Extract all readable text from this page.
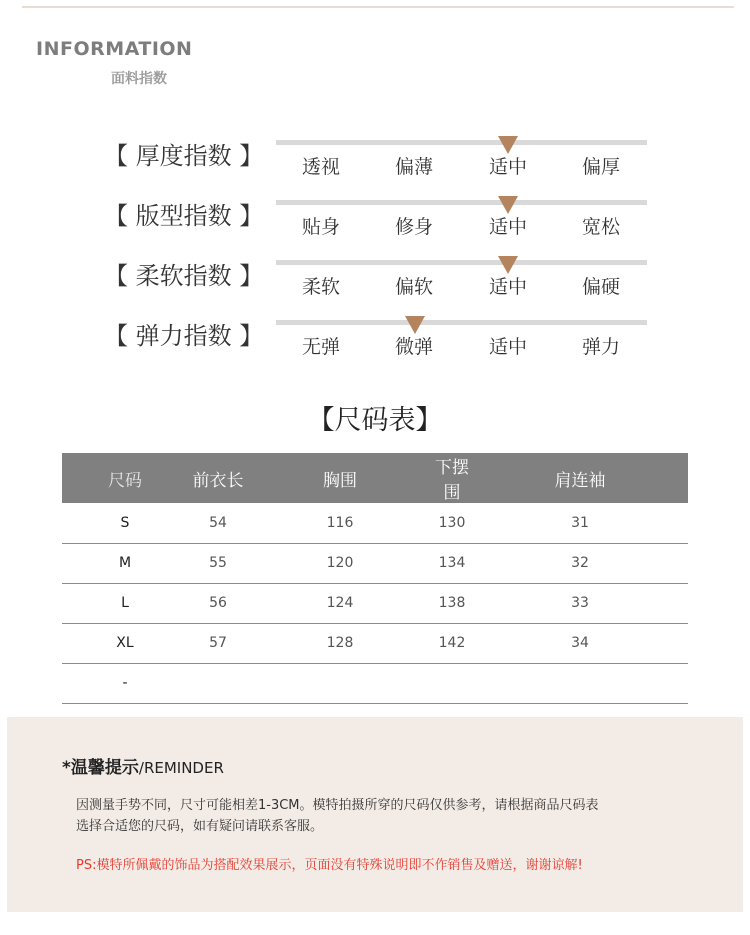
INFORMATION
面料指数
【 厚度指数 】 透视	偏薄	适中	偏厚
【 版型指数 】 贴身	修身	适中	宽松
【 柔软指数 】 柔软	偏软	适中	偏硬
【 弹力指数 】 无弹	微弹	适中	弹力
【尺码表】
尺码	前衣长	胸围	下摆围	肩连袖
S	54	116	130	31
M	55	120	134	32
L	56	124	138	33
XL	57	128	142	34
-				
*温馨提示/REMINDER
因测量手势不同，尺寸可能相差1-3CM。模特拍摄所穿的尺码仅供参考，请根据商品尺码表
选择合适您的尺码，如有疑问请联系客服。
PS:模特所佩戴的饰品为搭配效果展示，页面没有特殊说明即不作销售及赠送，谢谢谅解!
